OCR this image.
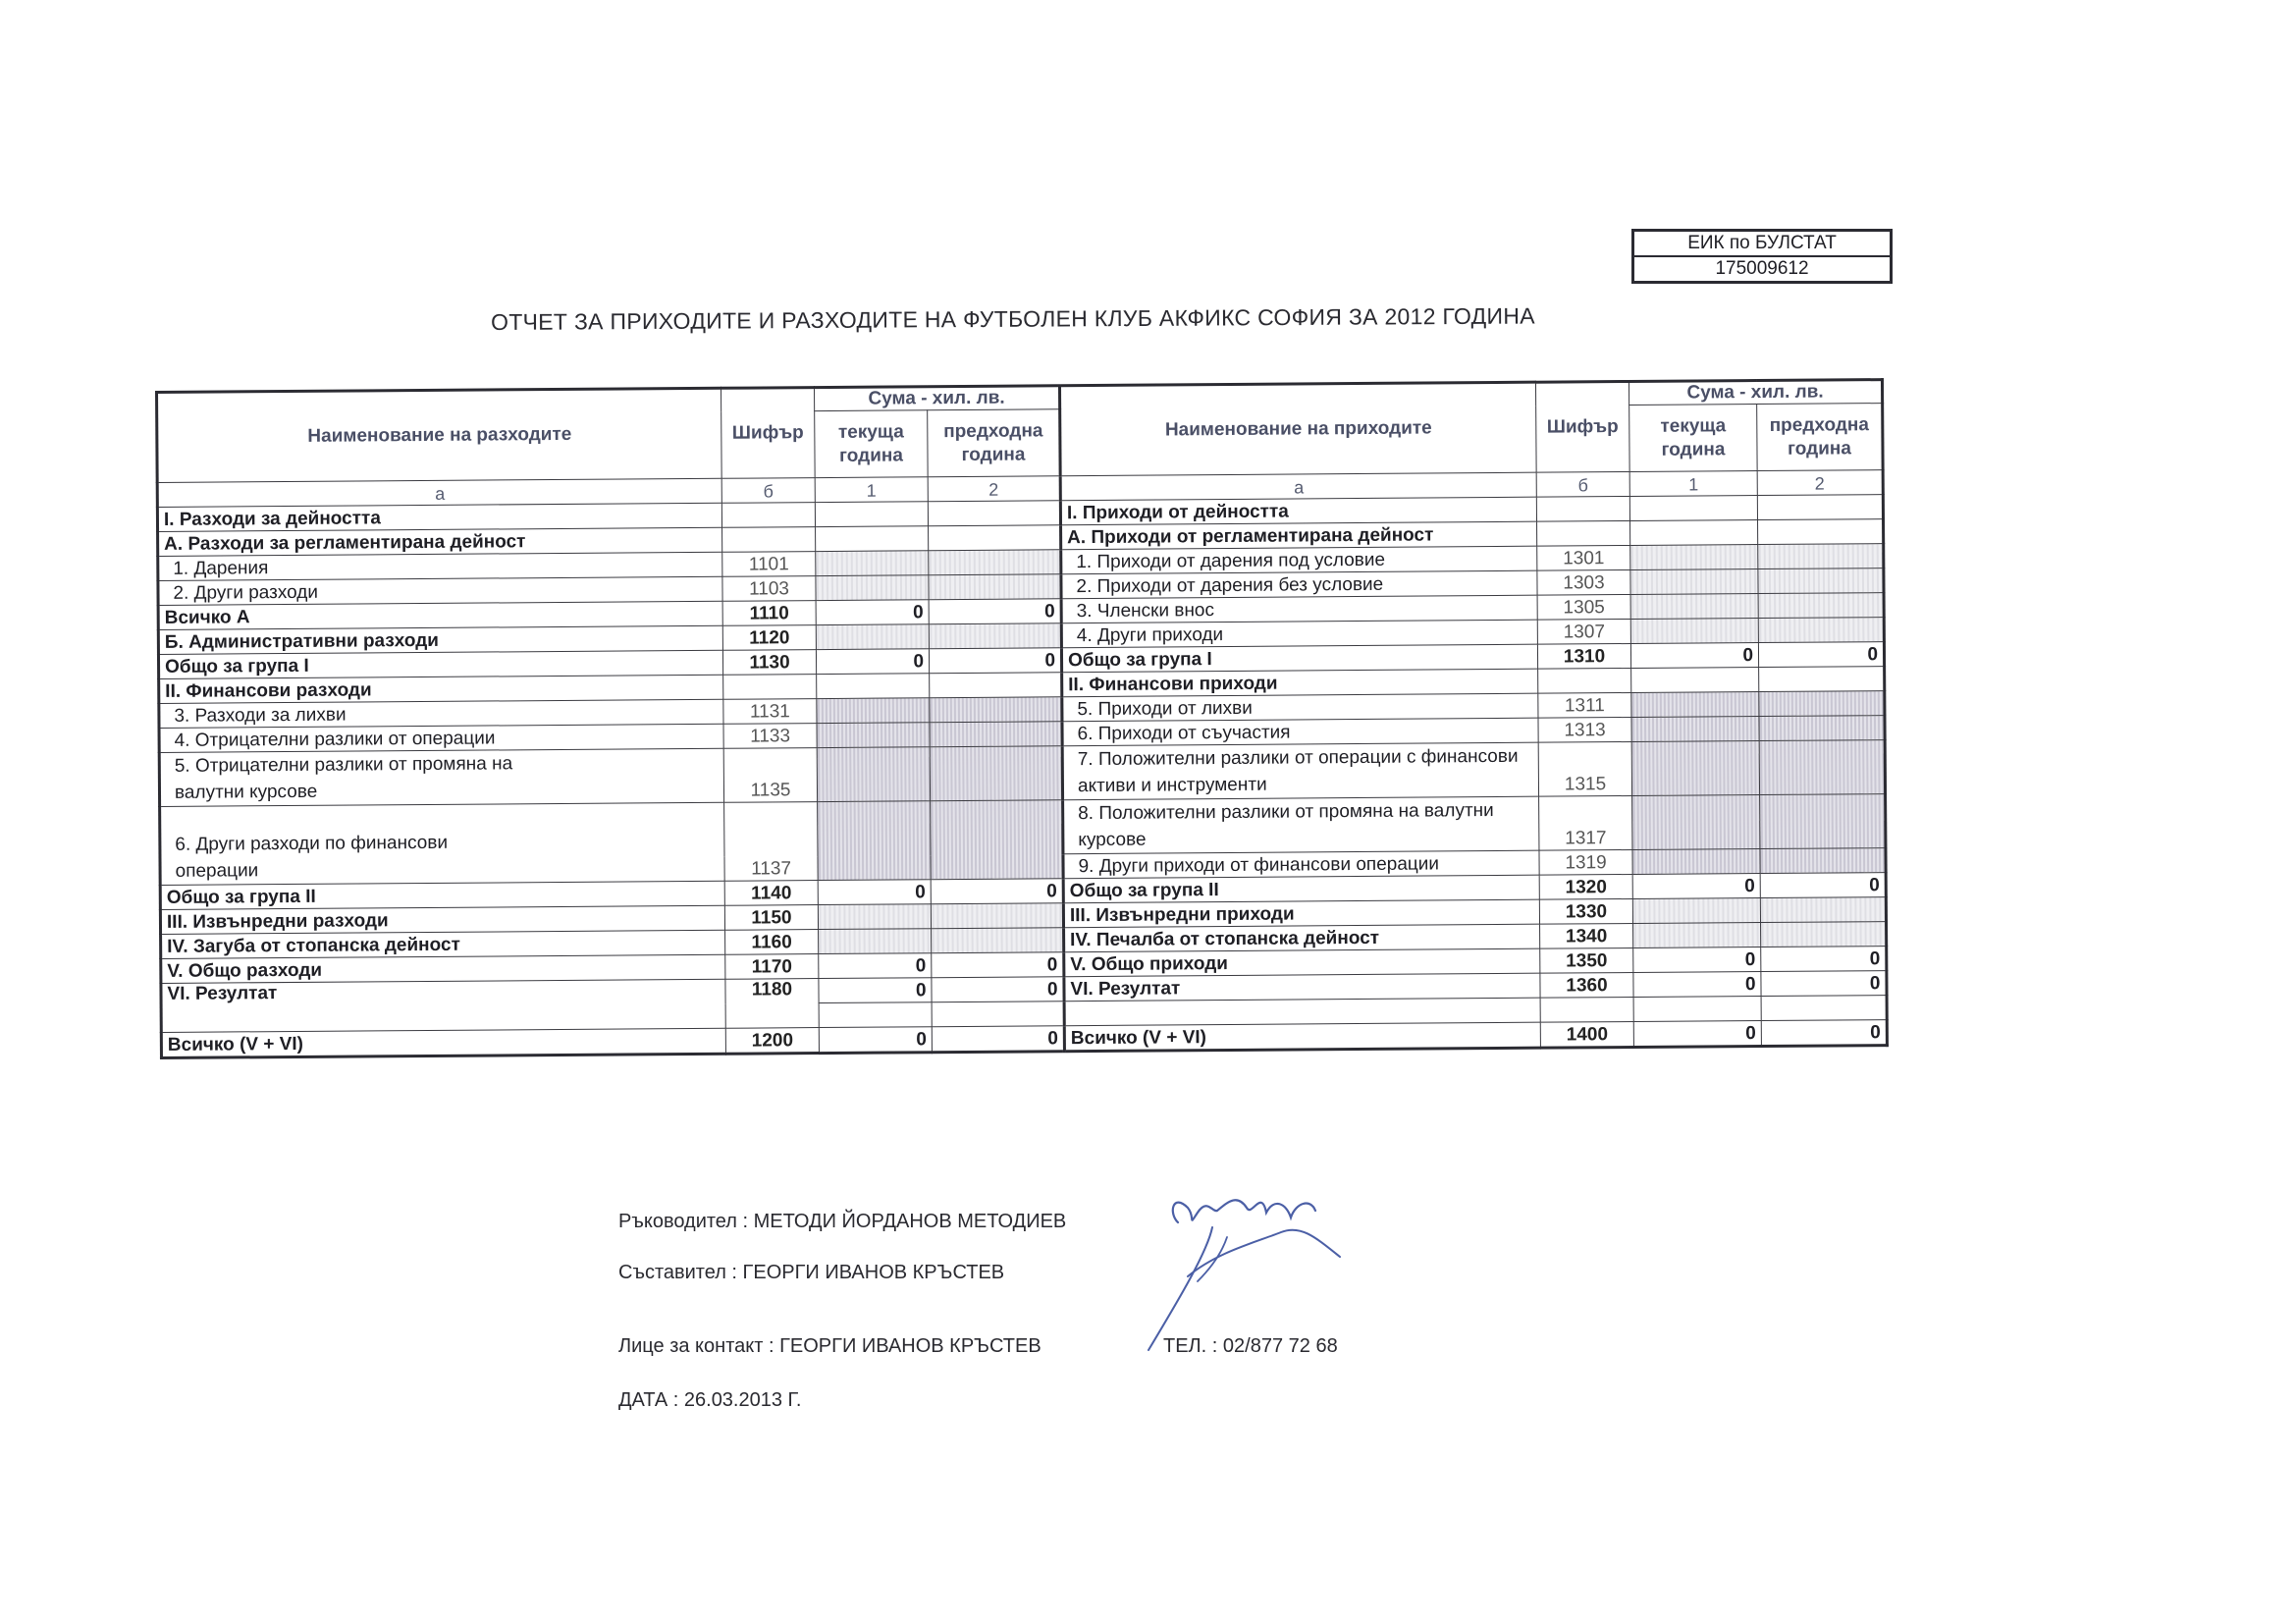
ЕИК по БУЛСТАТ
175009612
ОТЧЕТ ЗА ПРИХОДИТЕ И РАЗХОДИТЕ НА ФУТБОЛЕН КЛУБ АКФИКС СОФИЯ ЗА 2012 ГОДИНА
Наименование на разходите	Шифър	Сума - хил. лв.		Наименование на приходите	Шифър	Сума - хил. лв.	
		текуща година	предходна година			текуща година	предходна година
а	б	1	2	а	б	1	2
I. Разходи за дейността				I. Приходи от дейността			
А. Разходи за регламентирана дейност				А. Приходи от регламентирана дейност			
1. Дарения	1101			1. Приходи от дарения под условие	1301		
2. Други разходи	1103			2. Приходи от дарения без условие	1303		
Всичко А	1110	0	0	3. Членски внос	1305		
Б. Административни разходи	1120			4. Други приходи	1307		
Общо за група I	1130	0	0	Общо за група I	1310	0	0
II. Финансови разходи				II. Финансови приходи			
3. Разходи за лихви	1131			5. Приходи от лихви	1311		
4. Отрицателни разлики от операции	1133			6. Приходи от съучастия	1313		
5. Отрицателни разлики от промяна на валутни курсове	1135			7. Положителни разлики от операции с финансови активи и инструменти	1315		
6. Други разходи по финансови операции	1137			8. Положителни разлики от промяна на валутни курсове	1317		
				9. Други приходи от финансови операции	1319		
Общо за група II	1140	0	0	Общо за група II	1320	0	0
III. Извънредни разходи	1150			III. Извънредни приходи	1330		
IV. Загуба от стопанска дейност	1160			IV. Печалба от стопанска дейност	1340		
V. Общо разходи	1170	0	0	V. Общо приходи	1350	0	0
VI. Резултат	1180	0	0	VI. Резултат	1360	0	0

Всичко (V + VI)	1200	0	0	Всичко (V + VI)	1400	0	0
Ръководител : МЕТОДИ ЙОРДАНОВ МЕТОДИЕВ
Съставител : ГЕОРГИ ИВАНОВ КРЪСТЕВ
Лице за контакт : ГЕОРГИ ИВАНОВ КРЪСТЕВ	ТЕЛ. : 02/877 72 68
ДАТА : 26.03.2013 Г.
